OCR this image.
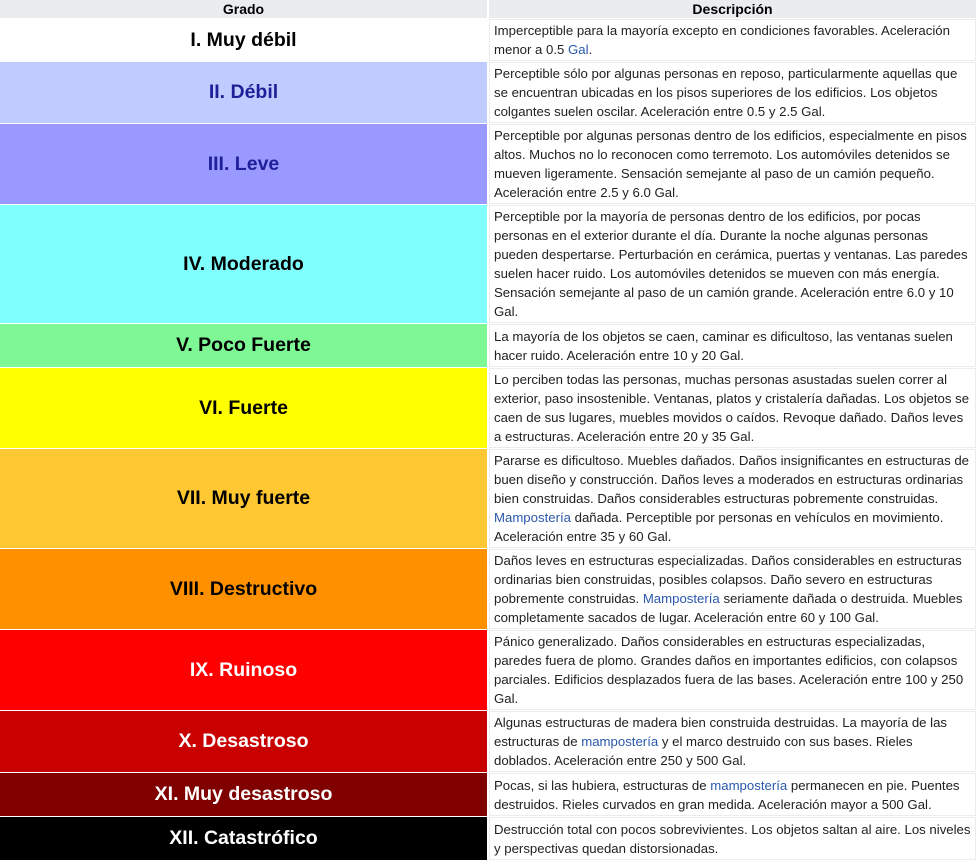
Grado	Descripción
I. Muy débil	Imperceptible para la mayoría excepto en condiciones favorables. Aceleración menor a 0.5 Gal.
II. Débil	Perceptible sólo por algunas personas en reposo, particularmente aquellas que se encuentran ubicadas en los pisos superiores de los edificios. Los objetos colgantes suelen oscilar. Aceleración entre 0.5 y 2.5 Gal.
III. Leve	Perceptible por algunas personas dentro de los edificios, especialmente en pisos altos. Muchos no lo reconocen como terremoto. Los automóviles detenidos se mueven ligeramente. Sensación semejante al paso de un camión pequeño. Aceleración entre 2.5 y 6.0 Gal.
IV. Moderado	Perceptible por la mayoría de personas dentro de los edificios, por pocas personas en el exterior durante el día. Durante la noche algunas personas pueden despertarse. Perturbación en cerámica, puertas y ventanas. Las paredes suelen hacer ruido. Los automóviles detenidos se mueven con más energía. Sensación semejante al paso de un camión grande. Aceleración entre 6.0 y 10 Gal.
V. Poco Fuerte	La mayoría de los objetos se caen, caminar es dificultoso, las ventanas suelen hacer ruido. Aceleración entre 10 y 20 Gal.
VI. Fuerte	Lo perciben todas las personas, muchas personas asustadas suelen correr al exterior, paso insostenible. Ventanas, platos y cristalería dañadas. Los objetos se caen de sus lugares, muebles movidos o caídos. Revoque dañado. Daños leves a estructuras. Aceleración entre 20 y 35 Gal.
VII. Muy fuerte	Pararse es dificultoso. Muebles dañados. Daños insignificantes en estructuras de buen diseño y construcción. Daños leves a moderados en estructuras ordinarias bien construidas. Daños considerables estructuras pobremente construidas. Mampostería dañada. Perceptible por personas en vehículos en movimiento. Aceleración entre 35 y 60 Gal.
VIII. Destructivo	Daños leves en estructuras especializadas. Daños considerables en estructuras ordinarias bien construidas, posibles colapsos. Daño severo en estructuras pobremente construidas. Mampostería seriamente dañada o destruida. Muebles completamente sacados de lugar. Aceleración entre 60 y 100 Gal.
IX. Ruinoso	Pánico generalizado. Daños considerables en estructuras especializadas, paredes fuera de plomo. Grandes daños en importantes edificios, con colapsos parciales. Edificios desplazados fuera de las bases. Aceleración entre 100 y 250 Gal.
X. Desastroso	Algunas estructuras de madera bien construida destruidas. La mayoría de las estructuras de mampostería y el marco destruido con sus bases. Rieles doblados. Aceleración entre 250 y 500 Gal.
XI. Muy desastroso	Pocas, si las hubiera, estructuras de mampostería permanecen en pie. Puentes destruidos. Rieles curvados en gran medida. Aceleración mayor a 500 Gal.
XII. Catastrófico	Destrucción total con pocos sobrevivientes. Los objetos saltan al aire. Los niveles y perspectivas quedan distorsionadas.
